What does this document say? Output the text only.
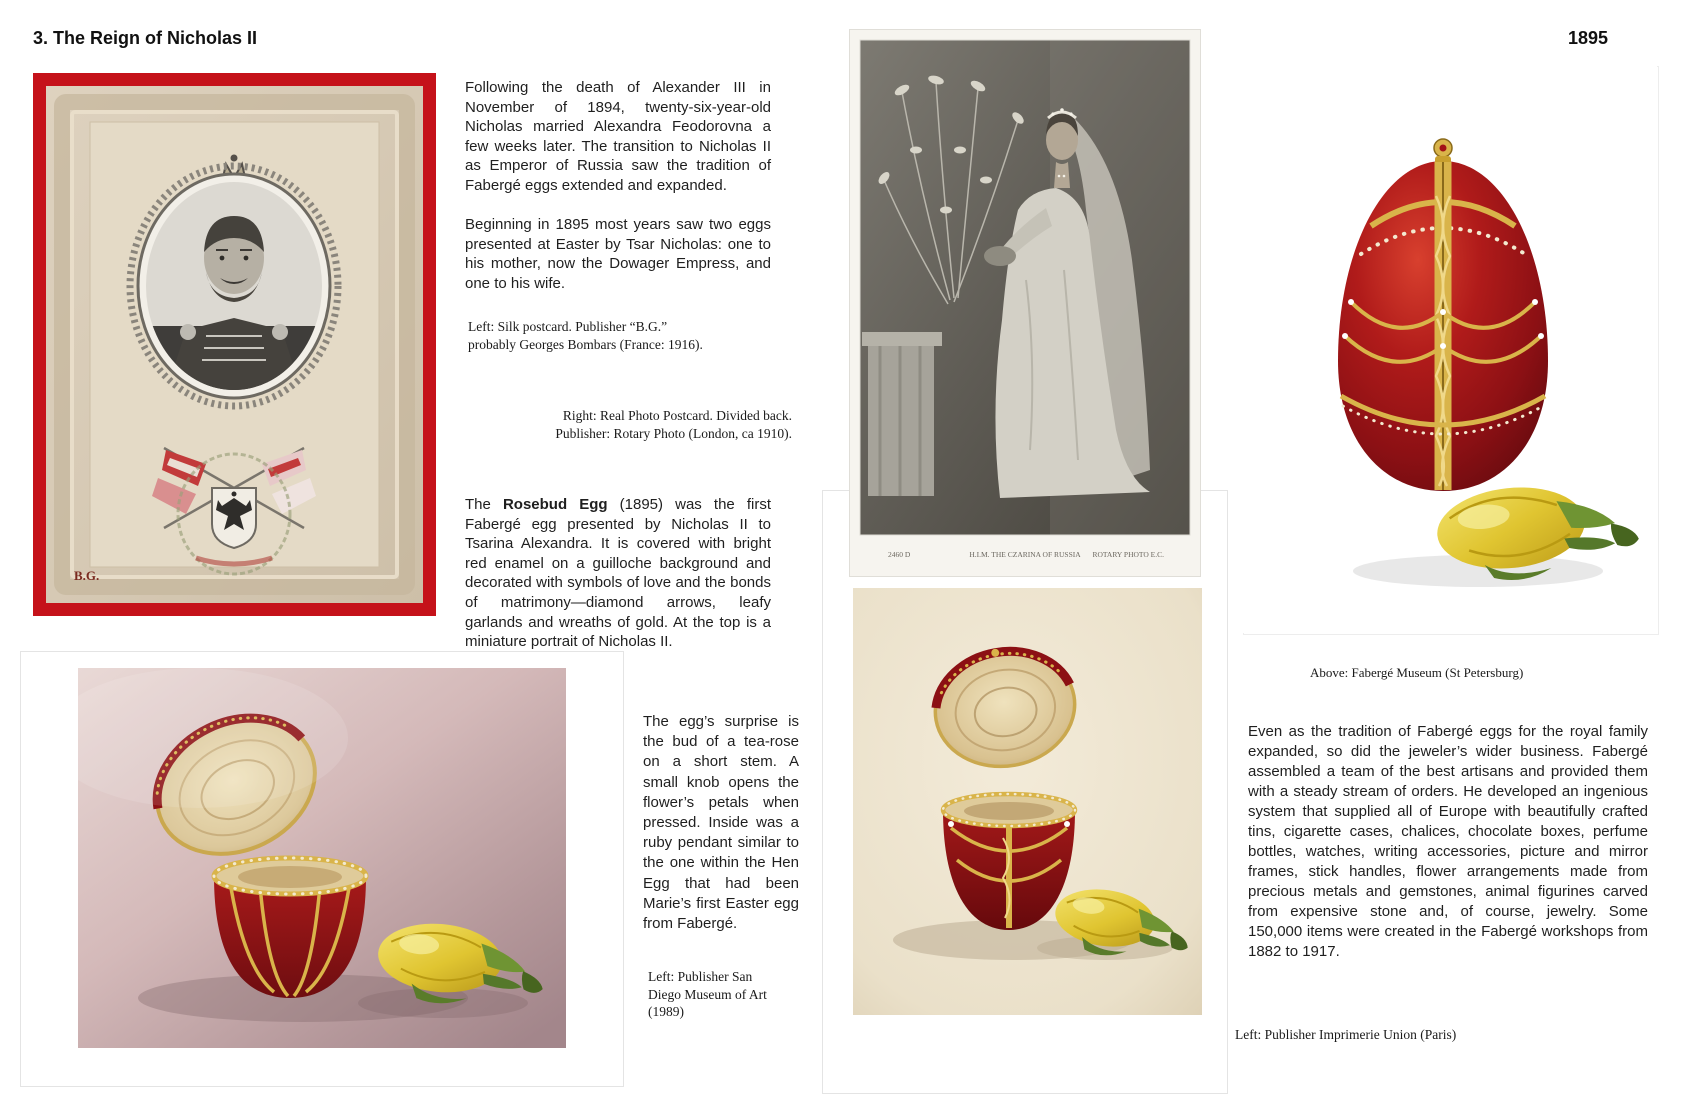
3. The Reign of Nicholas II	1895
B.G.
Following the death of Alexander III in November of 1894, twenty-six-year-old Nicholas married Alexandra Feodorovna a few weeks later. The transition to Nicholas II as Emperor of Russia saw the tradition of Fabergé eggs extended and expanded.
Beginning in 1895 most years saw two eggs presented at Easter by Tsar Nicholas: one to his mother, now the Dowager Empress, and one to his wife.
Left: Silk postcard. Publisher “B.G.”
probably Georges Bombars (France: 1916).
Right: Real Photo Postcard. Divided back.
Publisher: Rotary Photo (London, ca 1910).
The Rosebud Egg (1895) was the first Fabergé egg presented by Nicholas II to Tsarina Alexandra. It is covered with bright red enamel on a guilloche background and decorated with symbols of love and the bonds of matrimony—diamond arrows, leafy garlands and wreaths of gold. At the top is a miniature portrait of Nicholas II.
2460 D	H.I.M. THE CZARINA OF RUSSIA ROTARY PHOTO E.C.
Above: Fabergé Museum (St Petersburg)
The egg’s surprise is the bud of a tea-rose on a short stem. A small knob opens the flower’s petals when pressed. Inside was a ruby pendant similar to the one within the Hen Egg that had been Marie’s first Easter egg from Fabergé.
Left: Publisher San
Diego Museum of Art
(1989)
Even as the tradition of Fabergé eggs for the royal family expanded, so did the jeweler’s wider business. Fabergé assembled a team of the best artisans and provided them with a steady stream of orders. He developed an ingenious system that supplied all of Europe with beautifully crafted tins, cigarette cases, chalices, chocolate boxes, perfume bottles, watches, writing accessories, picture and mirror frames, stick handles, flower arrangements made from precious metals and gemstones, animal figurines carved from expensive stone and, of course, jewelry. Some 150,000 items were created in the Fabergé workshops from 1882 to 1917.
Left: Publisher Imprimerie Union (Paris)
